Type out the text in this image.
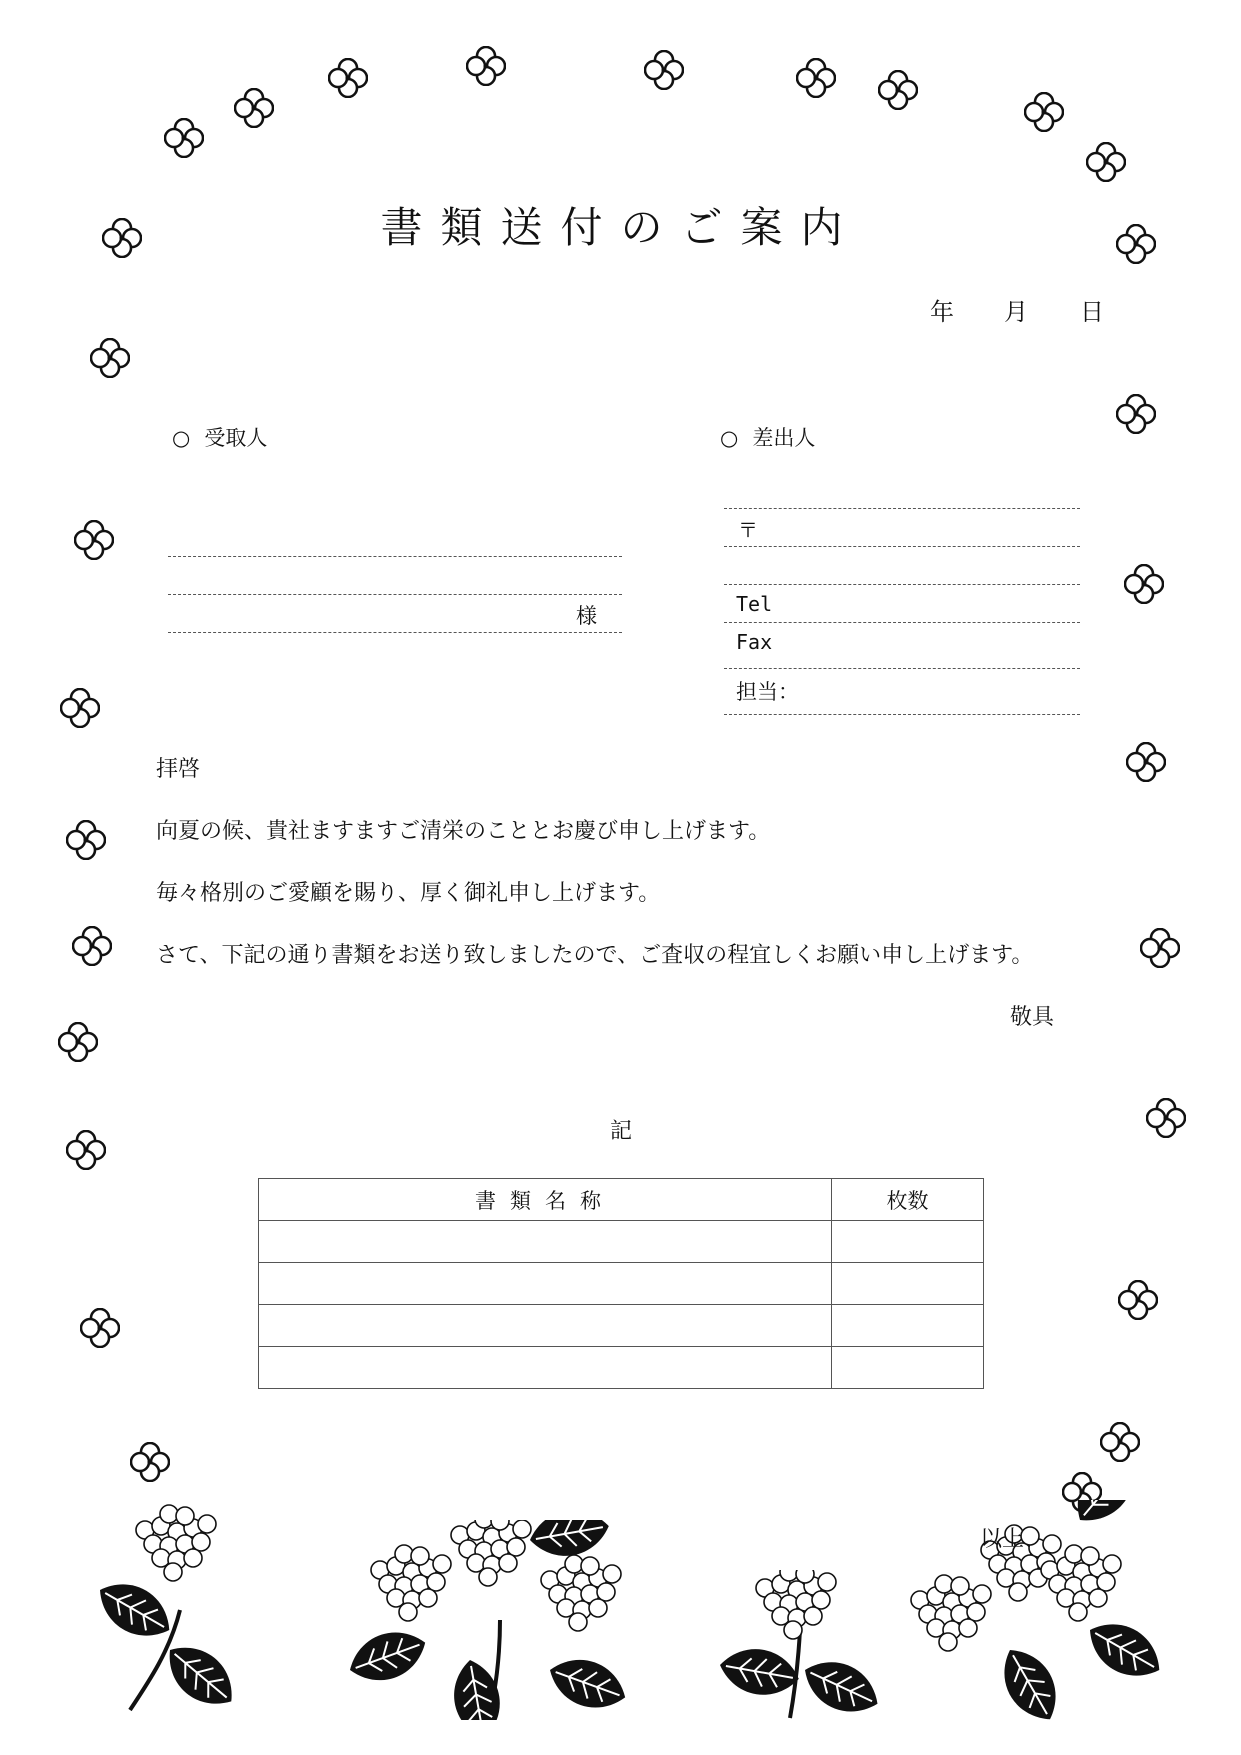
書類送付のご案内
年 月 日
○ 受取人
様
○ 差出人
〒
Tel
Fax
担当：
拝啓
向夏の候、貴社ますますご清栄のこととお慶び申し上げます。
毎々格別のご愛顧を賜り、厚く御礼申し上げます。
さて、下記の通り書類をお送り致しましたので、ご査収の程宜しくお願い申し上げます。
敬具
記
書類名称	枚数

以上
